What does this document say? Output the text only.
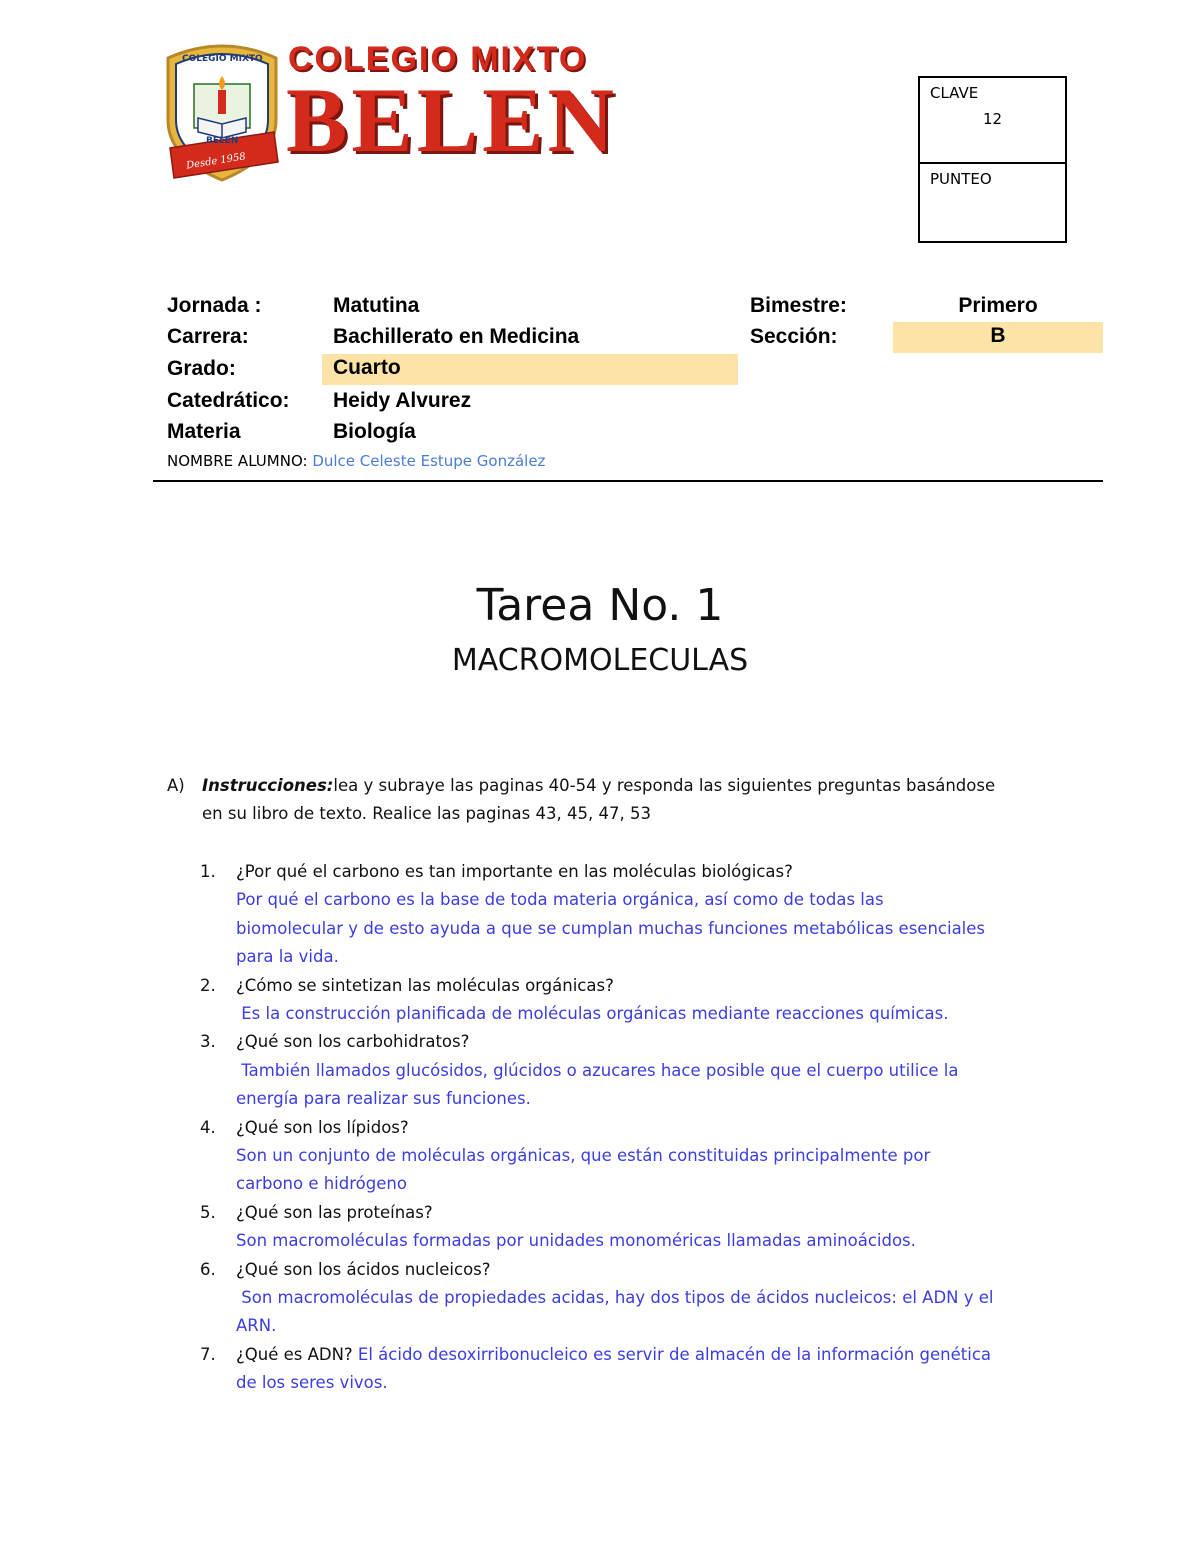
COLEGIO MIXTO
BELEN
Desde 1958
COLEGIO MIXTO
BELEN	CLAVE
12
PUNTEO
Jornada :	Matutina
Carrera:	Bachillerato en Medicina
Grado:	Cuarto
Catedrático: Heidy Alvurez
Materia	Biología
Bimestre:	Primero
Sección:	B
NOMBRE ALUMNO: Dulce Celeste Estupe González
Tarea No. 1
MACROMOLECULAS
A) Instrucciones:lea y subraye las paginas 40-54 y responda las siguientes preguntas basándose
en su libro de texto. Realice las paginas 43, 45, 47, 53
1.	¿Por qué el carbono es tan importante en las moléculas biológicas?
Por qué el carbono es la base de toda materia orgánica, así como de todas las
biomolecular y de esto ayuda a que se cumplan muchas funciones metabólicas esenciales
para la vida.
2.	¿Cómo se sintetizan las moléculas orgánicas?
Es la construcción planificada de moléculas orgánicas mediante reacciones químicas.
3.	¿Qué son los carbohidratos?
También llamados glucósidos, glúcidos o azucares hace posible que el cuerpo utilice la
energía para realizar sus funciones.
4.	¿Qué son los lípidos?
Son un conjunto de moléculas orgánicas, que están constituidas principalmente por
carbono e hidrógeno
5.	¿Qué son las proteínas?
Son macromoléculas formadas por unidades monoméricas llamadas aminoácidos.
6.	¿Qué son los ácidos nucleicos?
Son macromoléculas de propiedades acidas, hay dos tipos de ácidos nucleicos: el ADN y el
ARN.
7.	¿Qué es ADN? El ácido desoxirribonucleico es servir de almacén de la información genética
de los seres vivos.
